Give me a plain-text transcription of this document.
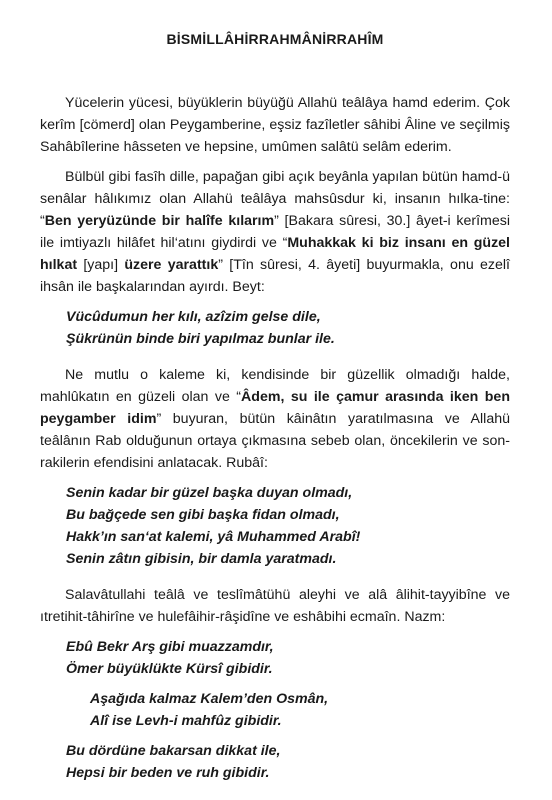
BİSMİLLÂHİRRAHMÂNİRRAHÎM

Yücelerin yücesi, büyüklerin büyüğü Allahü teâlâya hamd ederim. Çok kerîm [cömerd] olan Peygamberine, eşsiz fazîletler sâhibi Âline ve seçilmiş Sahâbîlerine hâsseten ve hepsine, umûmen salâtü selâm ederim.

Bülbül gibi fasîh dille, papağan gibi açık beyânla yapılan bütün hamd-ü senâlar hâlıkımız olan Allahü teâlâya mahsûsdur ki, insanın hılka-tine: “Ben yeryüzünde bir halîfe kılarım” [Bakara sûresi, 30.] âyet-i kerîmesi ile imtiyazlı hilâfet hil‘atını giydirdi ve “Muhakkak ki biz insanı en güzel hılkat [yapı] üzere yarattık” [Tîn sûresi, 4. âyeti] buyurmakla, onu ezelî ihsân ile başkalarından ayırdı. Beyt:

Vücûdumun her kılı, azîzim gelse dile,
Şükrünün binde biri yapılmaz bunlar ile.

Ne mutlu o kaleme ki, kendisinde bir güzellik olmadığı halde, mahlûkatın en güzeli olan ve “Âdem, su ile çamur arasında iken ben peygamber idim” buyuran, bütün kâinâtın yaratılmasına ve Allahü teâlânın Rab olduğunun ortaya çıkmasına sebeb olan, öncekilerin ve son-rakilerin efendisini anlatacak. Rubâî:

Senin kadar bir güzel başka duyan olmadı,
Bu bağçede sen gibi başka fidan olmadı,
Hakk’ın san‘at kalemi, yâ Muhammed Arabî!
Senin zâtın gibisin, bir damla yaratmadı.

Salavâtullahi teâlâ ve teslîmâtühü aleyhi ve alâ âlihit-tayyibîne ve ıtretihit-tâhirîne ve hulefâihir-râşidîne ve eshâbihi ecmaîn. Nazm:

Ebû Bekr Arş gibi muazzamdır,
Ömer büyüklükte Kürsî gibidir.
Aşağıda kalmaz Kalem’den Osmân,
Alî ise Levh-i mahfûz gibidir.
Bu dördüne bakarsan dikkat ile,
Hepsi bir beden ve ruh gibidir.
